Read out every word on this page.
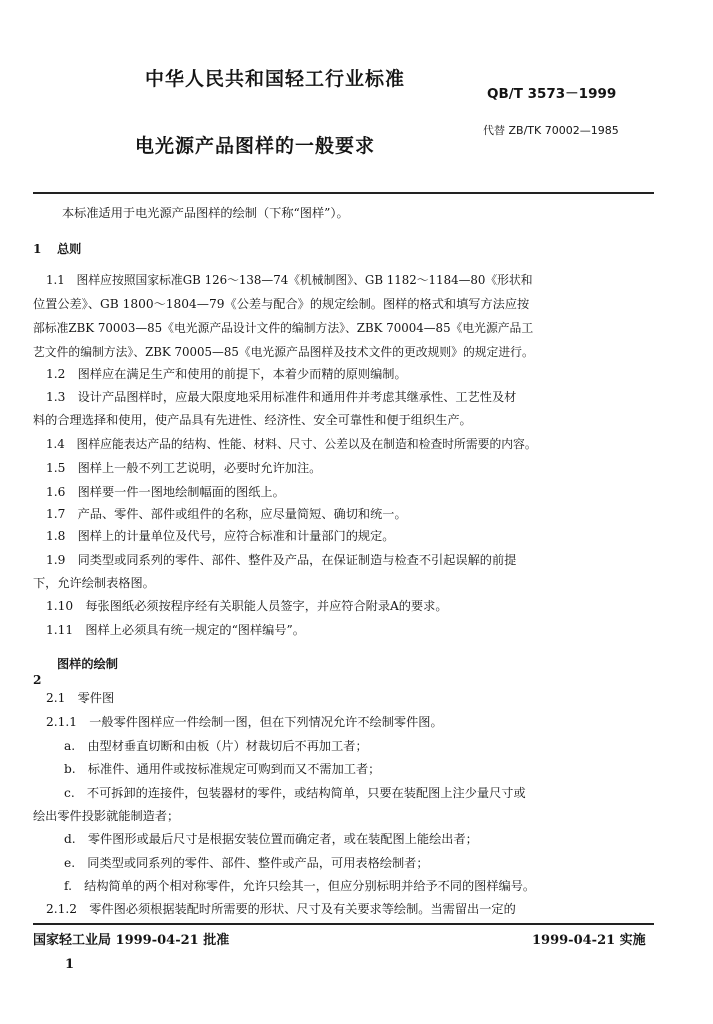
中华人民共和国轻工行业标准
电光源产品图样的一般要求
QB/T 3573－1999
代替 ZB/TK 70002—1985
本标准适用于电光源产品图样的绘制（下称“图样”）。
1 总则
1.1　图样应按照国家标准GB 126～138—74《机械制图》、GB 1182～1184—80《形状和
位置公差》、GB 1800～1804—79《公差与配合》的规定绘制。图样的格式和填写方法应按
部标准ZBK 70003—85《电光源产品设计文件的编制方法》、ZBK 70004—85《电光源产品工
艺文件的编制方法》、ZBK 70005—85《电光源产品图样及技术文件的更改规则》的规定进行。
1.2　图样应在满足生产和使用的前提下，本着少而精的原则编制。
1.3　设计产品图样时，应最大限度地采用标准件和通用件并考虑其继承性、工艺性及材
料的合理选择和使用，使产品具有先进性、经济性、安全可靠性和便于组织生产。
1.4　图样应能表达产品的结构、性能、材料、尺寸、公差以及在制造和检查时所需要的内容。
1.5　图样上一般不列工艺说明，必要时允许加注。
1.6　图样要一件一图地绘制幅面的图纸上。
1.7　产品、零件、部件或组件的名称，应尽量简短、确切和统一。
1.8　图样上的计量单位及代号，应符合标准和计量部门的规定。
1.9　同类型或同系列的零件、部件、整件及产品，在保证制造与检查不引起误解的前提
下，允许绘制表格图。
1.10　每张图纸必须按程序经有关职能人员签字，并应符合附录A的要求。
1.11　图样上必须具有统一规定的“图样编号”。
图样的绘制
2
2.1　零件图
2.1.1　一般零件图样应一件绘制一图，但在下列情况允许不绘制零件图。
a.　由型材垂直切断和由板（片）材裁切后不再加工者；
b.　标准件、通用件或按标准规定可购到而又不需加工者；
c.　不可拆卸的连接件，包装器材的零件，或结构简单，只要在装配图上注少量尺寸或
绘出零件投影就能制造者；
d.　零件图形或最后尺寸是根据安装位置而确定者，或在装配图上能绘出者；
e.　同类型或同系列的零件、部件、整件或产品，可用表格绘制者；
f.　结构简单的两个相对称零件，允许只绘其一，但应分别标明并给予不同的图样编号。
2.1.2　零件图必须根据装配时所需要的形状、尺寸及有关要求等绘制。当需留出一定的
国家轻工业局 1999-04-21 批准	1999-04-21 实施
1
